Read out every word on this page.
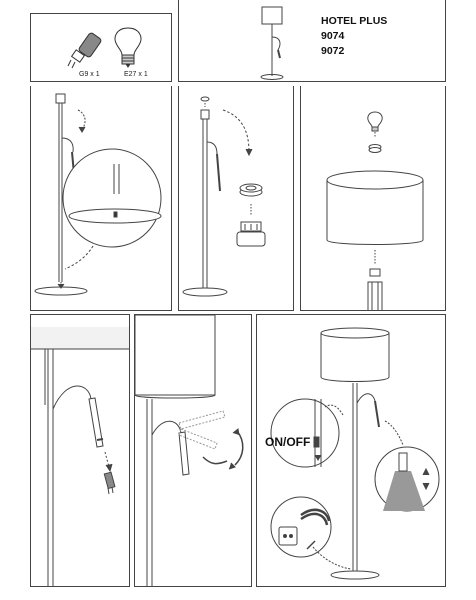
G9 x 1	E27 x 1
HOTEL PLUS
9074
9072
ON/OFF
